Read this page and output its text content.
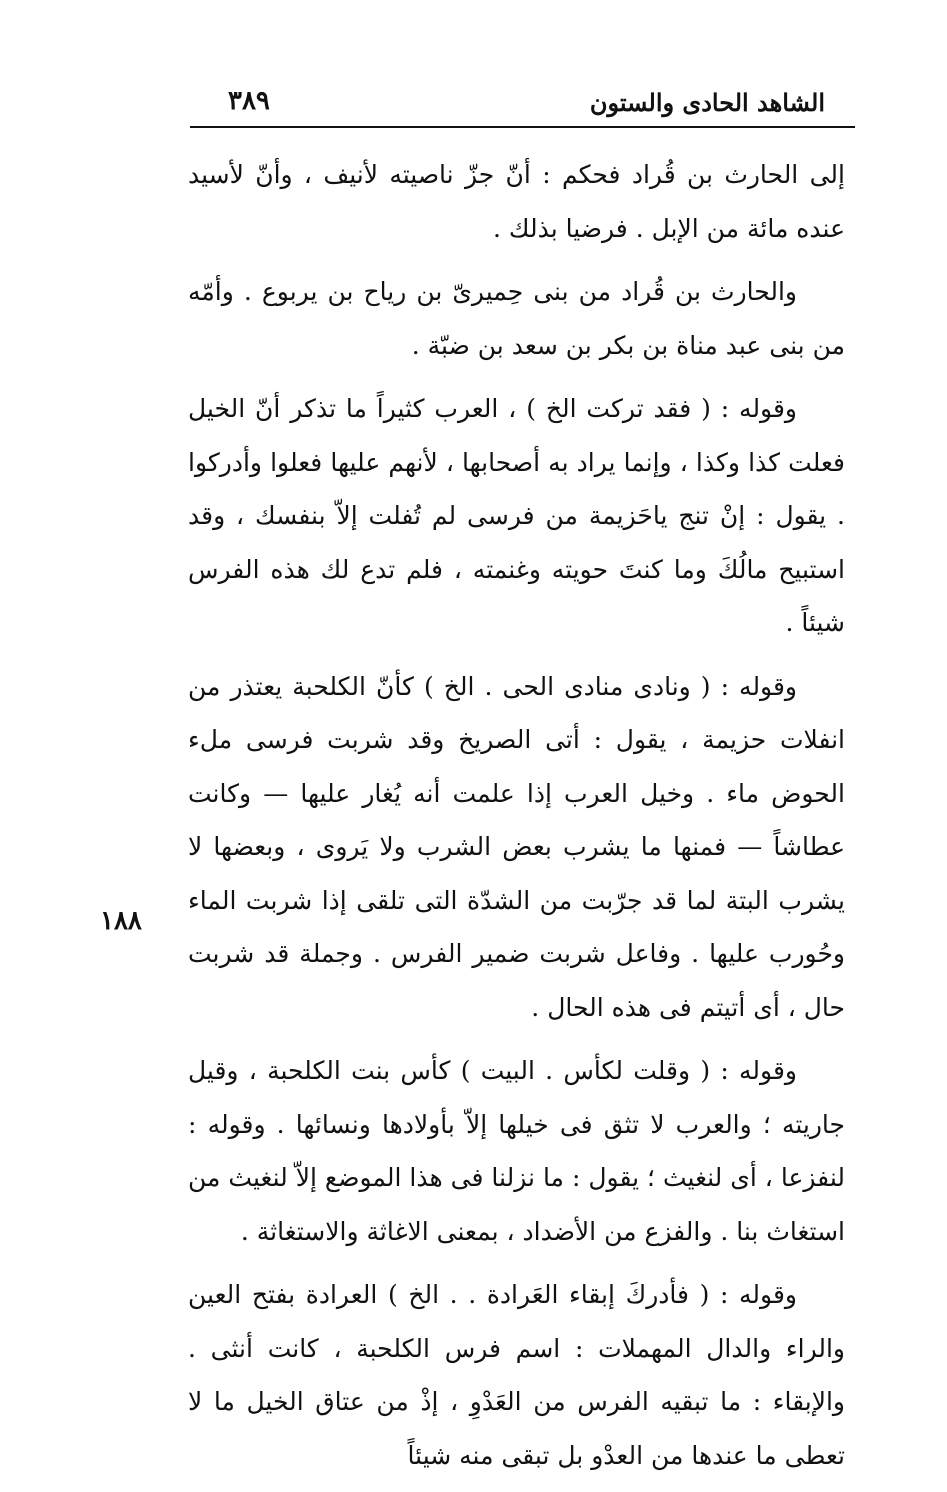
الشاهد الحادى والستون
٣٨٩
١٨٨

إلى الحارث بن قُراد فحكم : أنّ جزّ ناصيته لأنيف ، وأنّ لأسيد عنده مائة من الإبل . فرضيا بذلك .

والحارث بن قُراد من بنى حِميرىّ بن رياح بن يربوع . وأمّه من بنى عبد مناة بن بكر بن سعد بن ضبّة .

وقوله : ( فقد تركت الخ ) ، العرب كثيراً ما تذكر أنّ الخيل فعلت كذا وكذا ، وإنما يراد به أصحابها ، لأنهم عليها فعلوا وأدركوا . يقول : إنْ تنج ياحَزيمة من فرسى لم تُفلت إلاّ بنفسك ، وقد استبيح مالُكَ وما كنتَ حويته وغنمته ، فلم تدع لك هذه الفرس شيئاً .

وقوله : ( ونادى منادى الحى . الخ ) كأنّ الكلحبة يعتذر من انفلات حزيمة ، يقول : أتى الصريخ وقد شربت فرسى ملء الحوض ماء . وخيل العرب إذا علمت أنه يُغار عليها — وكانت عطاشاً — فمنها ما يشرب بعض الشرب ولا يَروى ، وبعضها لا يشرب البتة لما قد جرّبت من الشدّة التى تلقى إذا شربت الماء وحُورب عليها . وفاعل شربت ضمير الفرس . وجملة قد شربت حال ، أى أتيتم فى هذه الحال .

وقوله : ( وقلت لكأس . البيت ) كأس بنت الكلحبة ، وقيل جاريته ؛ والعرب لا تثق فى خيلها إلاّ بأولادها ونسائها . وقوله : لنفزعا ، أى لنغيث ؛ يقول : ما نزلنا فى هذا الموضع إلاّ لنغيث من استغاث بنا . والفزع من الأضداد ، بمعنى الاغاثة والاستغاثة .

وقوله : ( فأدركَ إبقاء العَرادة . . الخ ) العرادة بفتح العين والراء والدال المهملات : اسم فرس الكلحبة ، كانت أنثى . والإبقاء : ما تبقيه الفرس من العَدْوِ ، إذْ من عتاق الخيل ما لا تعطى ما عندها من العدْو بل تبقى منه شيئاً
